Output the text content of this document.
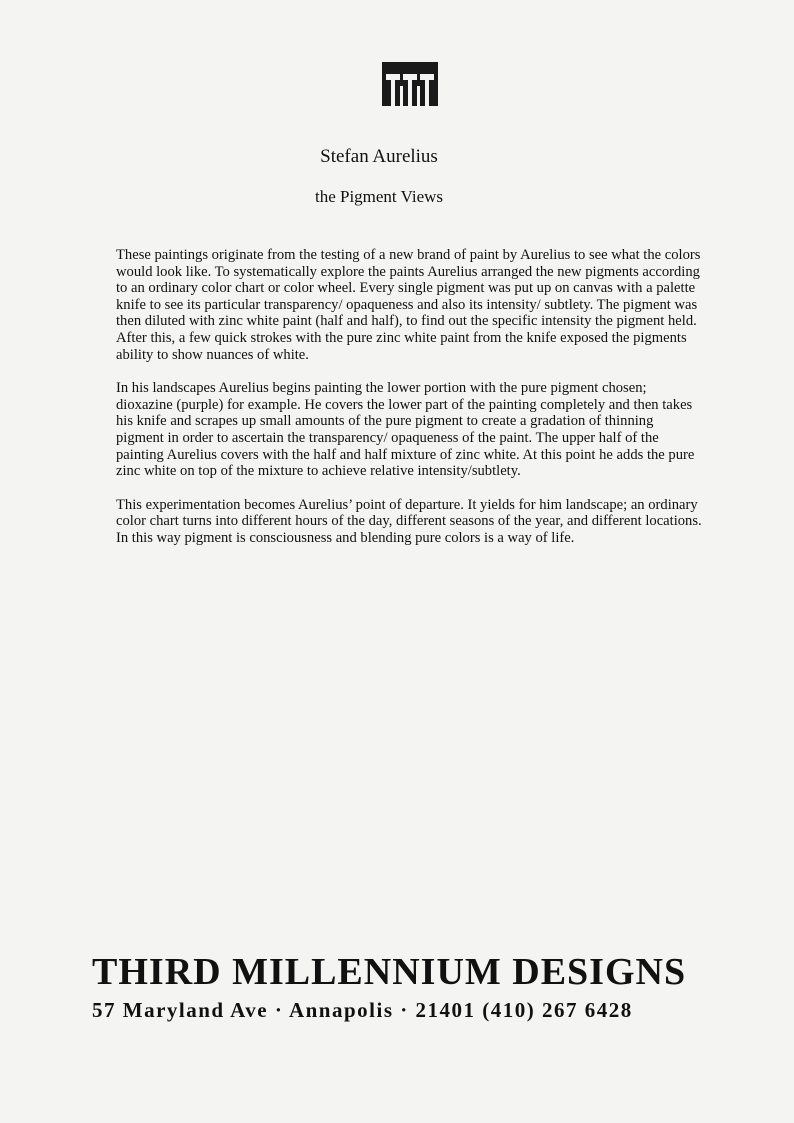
Stefan Aurelius
the Pigment Views

These paintings originate from the testing of a new brand of paint by Aurelius to see what the colors would look like. To systematically explore the paints Aurelius arranged the new pigments according to an ordinary color chart or color wheel. Every single pigment was put up on canvas with a palette knife to see its particular transparency/ opaqueness and also its intensity/ subtlety. The pigment was then diluted with zinc white paint (half and half), to find out the specific intensity the pigment held. After this, a few quick strokes with the pure zinc white paint from the knife exposed the pigments ability to show nuances of white.

In his landscapes Aurelius begins painting the lower portion with the pure pigment chosen; dioxazine (purple) for example. He covers the lower part of the painting completely and then takes his knife and scrapes up small amounts of the pure pigment to create a gradation of thinning pigment in order to ascertain the transparency/ opaqueness of the paint. The upper half of the painting Aurelius covers with the half and half mixture of zinc white. At this point he adds the pure zinc white on top of the mixture to achieve relative intensity/subtlety.

This experimentation becomes Aurelius’ point of departure. It yields for him landscape; an ordinary color chart turns into different hours of the day, different seasons of the year, and different locations. In this way pigment is consciousness and blending pure colors is a way of life.

THIRD MILLENNIUM DESIGNS
57 Maryland Ave · Annapolis · 21401 (410) 267 6428
